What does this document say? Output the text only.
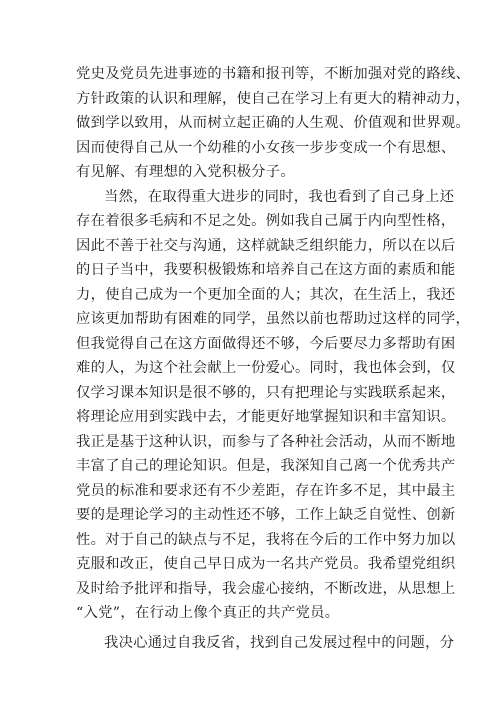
党史及党员先进事迹的书籍和报刊等，不断加强对党的路线、
方针政策的认识和理解，使自己在学习上有更大的精神动力，
做到学以致用，从而树立起正确的人生观、价值观和世界观。
因而使得自己从一个幼稚的小女孩一步步变成一个有思想、
有见解、有理想的入党积极分子。
当然，在取得重大进步的同时，我也看到了自己身上还
存在着很多毛病和不足之处。例如我自己属于内向型性格，
因此不善于社交与沟通，这样就缺乏组织能力，所以在以后
的日子当中，我要积极锻炼和培养自己在这方面的素质和能
力，使自己成为一个更加全面的人；其次，在生活上，我还
应该更加帮助有困难的同学，虽然以前也帮助过这样的同学，
但我觉得自己在这方面做得还不够，今后要尽力多帮助有困
难的人，为这个社会献上一份爱心。同时，我也体会到，仅
仅学习课本知识是很不够的，只有把理论与实践联系起来，
将理论应用到实践中去，才能更好地掌握知识和丰富知识。
我正是基于这种认识，而参与了各种社会活动，从而不断地
丰富了自己的理论知识。但是，我深知自己离一个优秀共产
党员的标准和要求还有不少差距，存在许多不足，其中最主
要的是理论学习的主动性还不够，工作上缺乏自觉性、创新
性。对于自己的缺点与不足，我将在今后的工作中努力加以
克服和改正，使自己早日成为一名共产党员。我希望党组织
及时给予批评和指导，我会虚心接纳，不断改进，从思想上
“入党”，在行动上像个真正的共产党员。
我决心通过自我反省，找到自己发展过程中的问题，分
